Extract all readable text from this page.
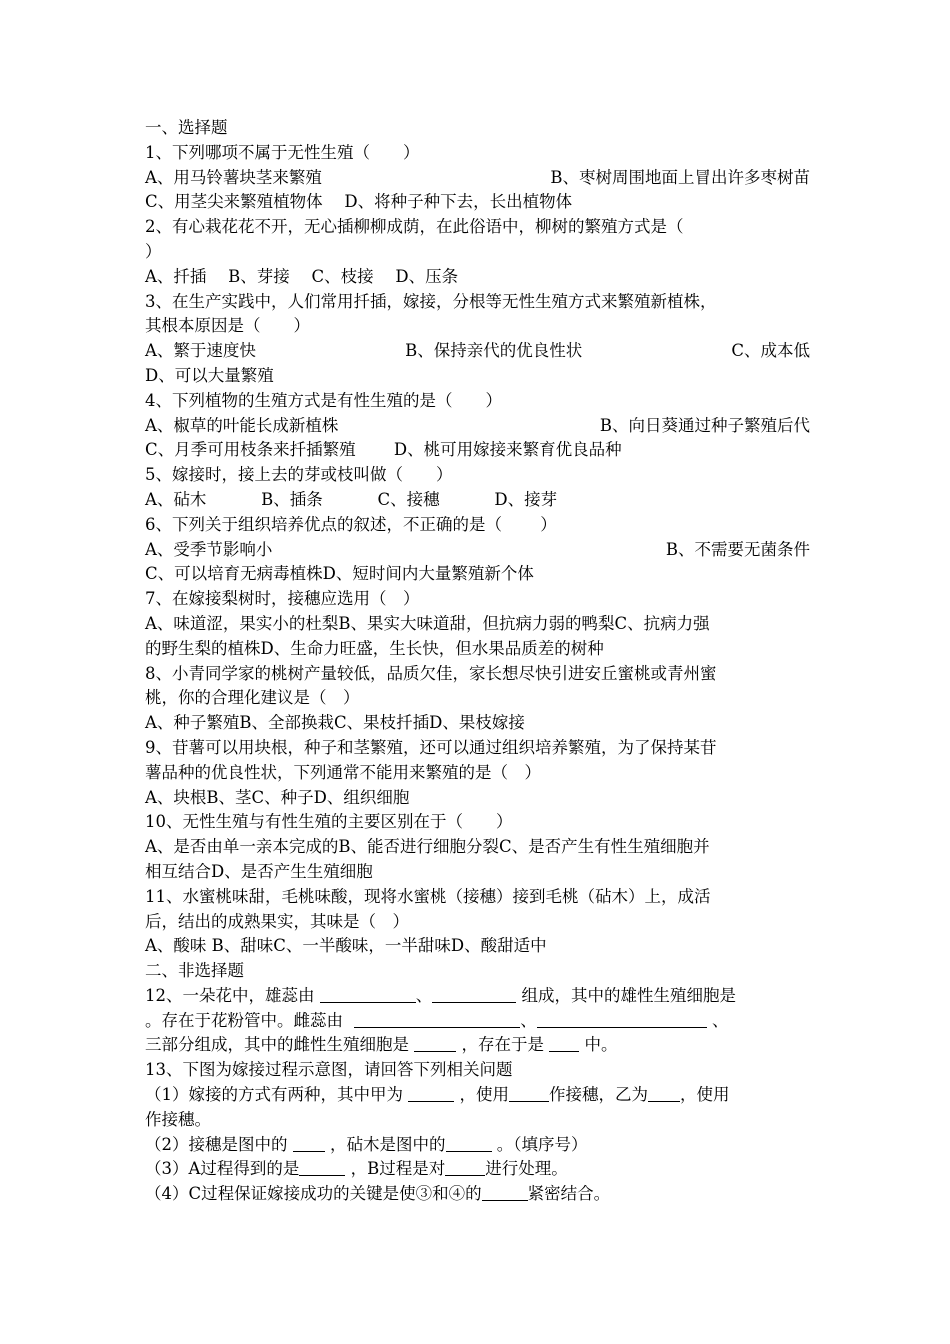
一、选择题
1、下列哪项不属于无性生殖（　　）
A、用马铃薯块茎来繁殖	B、枣树周围地面上冒出许多枣树苗
C、用茎尖来繁殖植物体　 D、将种子种下去，长出植物体
2、有心栽花花不开，无心插柳柳成荫，在此俗语中，柳树的繁殖方式是（
）
A、扦插　 B、芽接　 C、枝接　 D、压条
3、在生产实践中，人们常用扦插，嫁接，分根等无性生殖方式来繁殖新植株，
其根本原因是（　　）
A、繁于速度快	B、保持亲代的优良性状	C、成本低
D、可以大量繁殖
4、下列植物的生殖方式是有性生殖的是（　　）
A、椒草的叶能长成新植株	B、向日葵通过种子繁殖后代
C、月季可用枝条来扦插繁殖　　 D、桃可用嫁接来繁育优良品种
5、嫁接时，接上去的芽或枝叫做（　　）
A、砧木　　　 B、插条　　　 C、接穗　　　 D、接芽
6、下列关于组织培养优点的叙述，不正确的是（　　 ）
A、受季节影响小	B、不需要无菌条件
C、可以培育无病毒植株D、短时间内大量繁殖新个体
7、在嫁接梨树时，接穗应选用（　）
A、味道涩，果实小的杜梨B、果实大味道甜，但抗病力弱的鸭梨C、抗病力强
的野生梨的植株D、生命力旺盛，生长快，但水果品质差的树种
8、小青同学家的桃树产量较低，品质欠佳，家长想尽快引进安丘蜜桃或青州蜜
桃，你的合理化建议是（　）
A、种子繁殖B、全部换栽C、果枝扦插D、果枝嫁接
9、苷薯可以用块根，种子和茎繁殖，还可以通过组织培养繁殖，为了保持某苷
薯品种的优良性状，下列通常不能用来繁殖的是（　）
A、块根B、茎C、种子D、组织细胞
10、无性生殖与有性生殖的主要区别在于（　　）
A、是否由单一亲本完成的B、能否进行细胞分裂C、是否产生有性生殖细胞并
相互结合D、是否产生生殖细胞
11、水蜜桃味甜，毛桃味酸，现将水蜜桃（接穗）接到毛桃（砧木）上，成活
后，结出的成熟果实，其味是（　）
A、酸味 B、甜味C、一半酸味，一半甜味D、酸甜适中
二、非选择题
12、一朵花中，雄蕊由	、	组成，其中的雄性生殖细胞是
。存在于花粉管中。雌蕊由	、	、
三部分组成，其中的雌性生殖细胞是	，存在于是  中。
13、下图为嫁接过程示意图，请回答下列相关问题
（1）嫁接的方式有两种，其中甲为	，使用 作接穗，乙为 ，使用
作接穗。
（2）接穗是图中的  ，砧木是图中的	。（填序号）
（3）A过程得到的是	，B过程是对 进行处理。
（4）C过程保证嫁接成功的关键是使③和④的	紧密结合。
